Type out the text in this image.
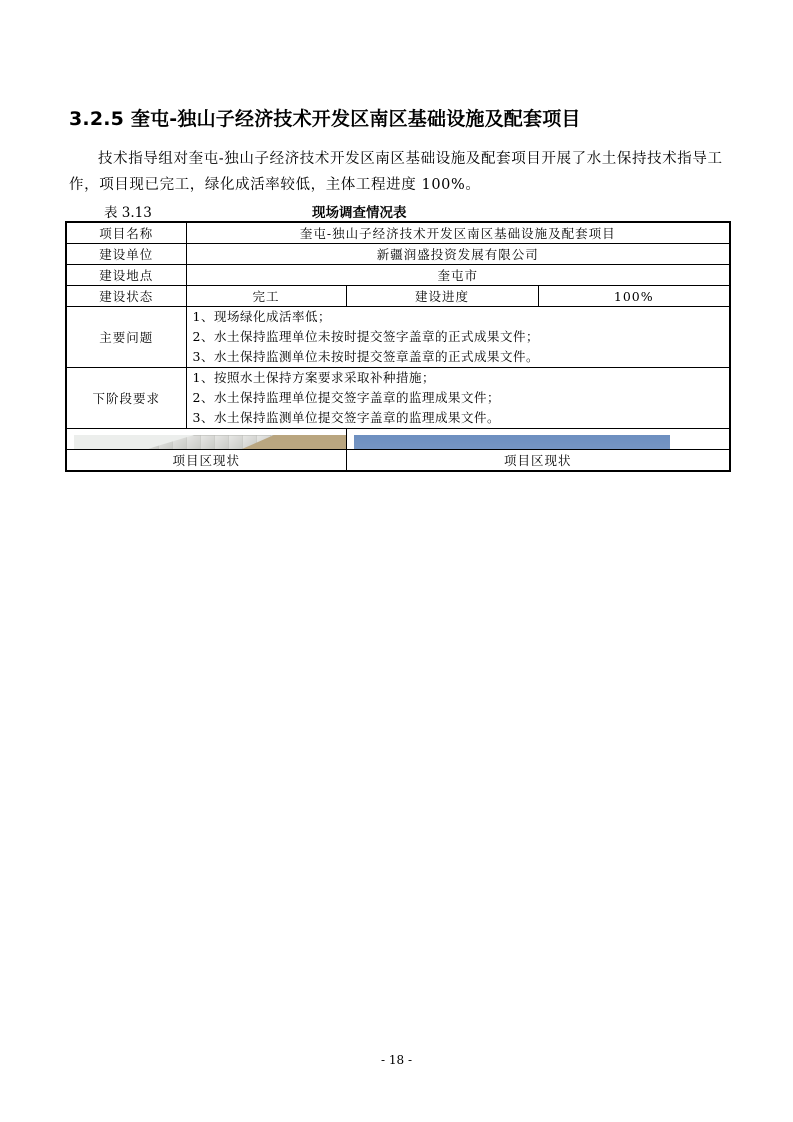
3.2.5 奎屯-独山子经济技术开发区南区基础设施及配套项目
技术指导组对奎屯-独山子经济技术开发区南区基础设施及配套项目开展了水土保持技术指导工作，项目现已完工，绿化成活率较低，主体工程进度 100%。
表 3.13	现场调查情况表
项目名称	奎屯-独山子经济技术开发区南区基础设施及配套项目		
建设单位	新疆润盛投资发展有限公司		
建设地点	奎屯市		
建设状态	完工	建设进度	100%
主要问题	1、现场绿化成活率低；
2、水土保持监理单位未按时提交签字盖章的正式成果文件；
3、水土保持监测单位未按时提交签章盖章的正式成果文件。		

下阶段要求	1、按照水土保持方案要求采取补种措施；
2、水土保持监理单位提交签字盖章的监理成果文件；
3、水土保持监测单位提交签字盖章的监理成果文件。		

项目区现状		项目区现状	
- 18 -
